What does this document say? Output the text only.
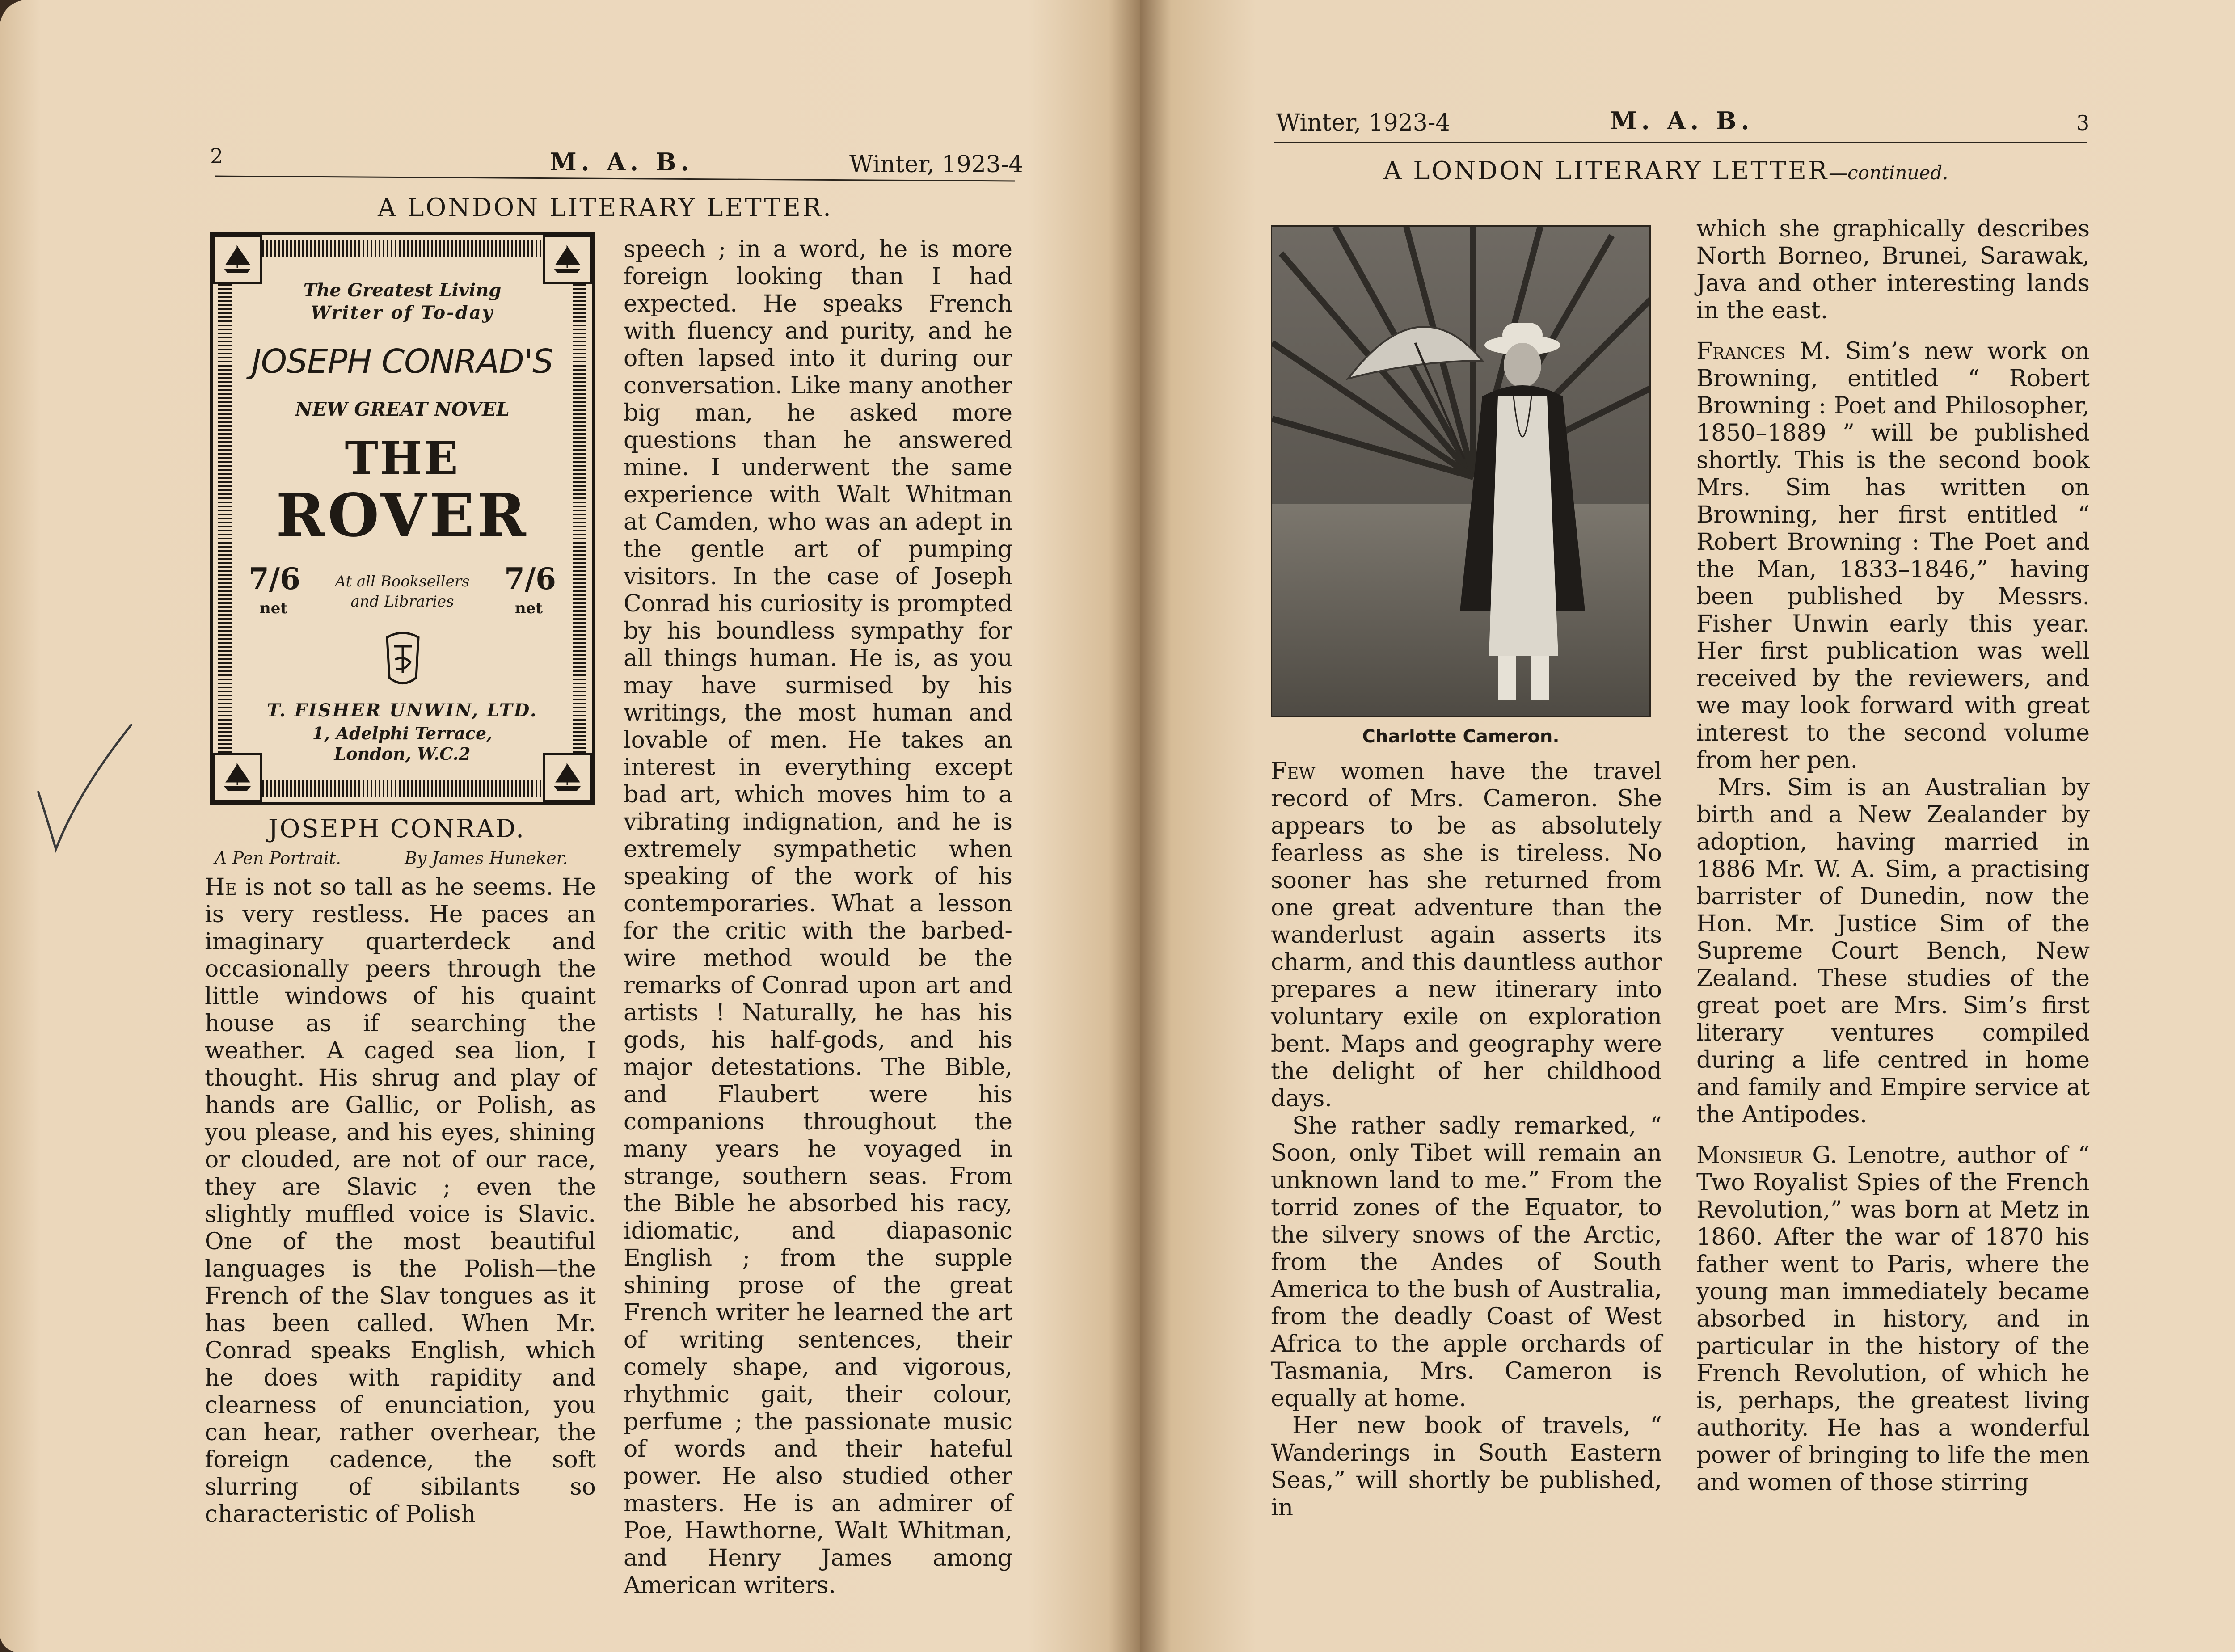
2	M. A. B.	Winter, 1923-4
A LONDON LITERARY LETTER.
The Greatest Living
Writer of To-day
JOSEPH CONRAD'S
NEW GREAT NOVEL
THE
ROVER
7/6
net
7/6
net
At all Booksellers
and Libraries
T. FISHER UNWIN, LTD.
1, Adelphi Terrace,
London, W.C.2
JOSEPH CONRAD.
A Pen Portrait.	By James Huneker.

He is not so tall as he seems. He is very restless. He paces an imaginary quarterdeck and occasionally peers through the little windows of his quaint house as if searching the weather. A caged sea lion, I thought. His shrug and play of hands are Gallic, or Polish, as you please, and his eyes, shining or clouded, are not of our race, they are Slavic ; even the slightly muffled voice is Slavic. One of the most beautiful languages is the Polish—the French of the Slav tongues as it has been called. When Mr. Conrad speaks English, which he does with rapidity and clearness of enunciation, you can hear, rather overhear, the foreign cadence, the soft slurring of sibilants so characteristic of Polish

speech ; in a word, he is more foreign looking than I had expected. He speaks French with fluency and purity, and he often lapsed into it during our conversation. Like many another big man, he asked more questions than he answered mine. I underwent the same experience with Walt Whitman at Camden, who was an adept in the gentle art of pumping visitors. In the case of Joseph Conrad his curiosity is prompted by his boundless sympathy for all things human. He is, as you may have surmised by his writings, the most human and lovable of men. He takes an interest in everything except bad art, which moves him to a vibrating indignation, and he is extremely sympathetic when speaking of the work of his contemporaries. What a lesson for the critic with the barbed-wire method would be the remarks of Conrad upon art and artists ! Naturally, he has his gods, his half-gods, and his major detestations. The Bible, and Flaubert were his companions throughout the many years he voyaged in strange, southern seas. From the Bible he absorbed his racy, idiomatic, and diapasonic English ; from the supple shining prose of the great French writer he learned the art of writing sentences, their comely shape, and vigorous, rhythmic gait, their colour, perfume ; the passionate music of words and their hateful power. He also studied other masters. He is an admirer of Poe, Hawthorne, Walt Whitman, and Henry James among American writers.

Winter, 1923-4	M. A. B.	3
A LONDON LITERARY LETTER—continued.
Charlotte Cameron.

Few women have the travel record of Mrs. Cameron. She appears to be as absolutely fearless as she is tireless. No sooner has she returned from one great adventure than the wanderlust again asserts its charm, and this dauntless author prepares a new itinerary into voluntary exile on exploration bent. Maps and geography were the delight of her childhood days.

She rather sadly remarked, “ Soon, only Tibet will remain an unknown land to me.” From the torrid zones of the Equator, to the silvery snows of the Arctic, from the Andes of South America to the bush of Australia, from the deadly Coast of West Africa to the apple orchards of Tasmania, Mrs. Cameron is equally at home.

Her new book of travels, “ Wanderings in South Eastern Seas,” will shortly be published, in

which she graphically describes North Borneo, Brunei, Sarawak, Java and other interesting lands in the east.

Frances M. Sim’s new work on Browning, entitled “ Robert Browning : Poet and Philosopher, 1850–1889 ” will be published shortly. This is the second book Mrs. Sim has written on Browning, her first entitled “ Robert Browning : The Poet and the Man, 1833–1846,” having been published by Messrs. Fisher Unwin early this year. Her first publication was well received by the reviewers, and we may look forward with great interest to the second volume from her pen.

Mrs. Sim is an Australian by birth and a New Zealander by adoption, having married in 1886 Mr. W. A. Sim, a practising barrister of Dunedin, now the Hon. Mr. Justice Sim of the Supreme Court Bench, New Zealand. These studies of the great poet are Mrs. Sim’s first literary ventures compiled during a life centred in home and family and Empire service at the Antipodes.

Monsieur G. Lenotre, author of “ Two Royalist Spies of the French Revolution,” was born at Metz in 1860. After the war of 1870 his father went to Paris, where the young man immediately became absorbed in history, and in particular in the history of the French Revolution, of which he is, perhaps, the greatest living authority. He has a wonderful power of bringing to life the men and women of those stirring
